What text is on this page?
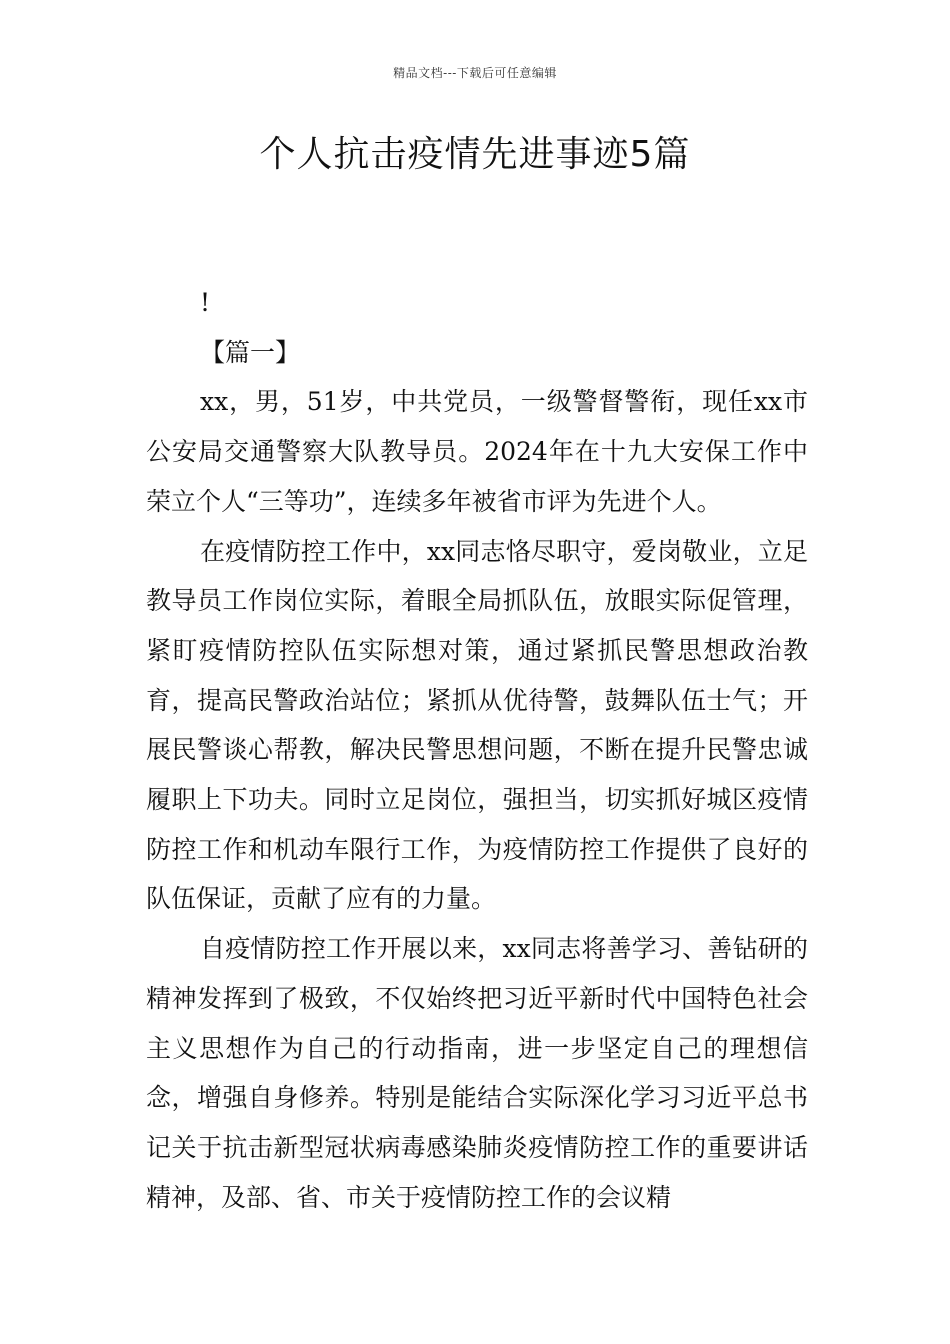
精品文档---下载后可任意编辑
个人抗击疫情先进事迹5篇

!

【篇一】

xx，男，51岁，中共党员，一级警督警衔，现任xx市公安局交通警察大队教导员。2024年在十九大安保工作中荣立个人“三等功”，连续多年被省市评为先进个人。

在疫情防控工作中，xx同志恪尽职守，爱岗敬业，立足教导员工作岗位实际，着眼全局抓队伍，放眼实际促管理，紧盯疫情防控队伍实际想对策，通过紧抓民警思想政治教育，提高民警政治站位；紧抓从优待警，鼓舞队伍士气；开展民警谈心帮教，解决民警思想问题，不断在提升民警忠诚履职上下功夫。同时立足岗位，强担当，切实抓好城区疫情防控工作和机动车限行工作，为疫情防控工作提供了良好的队伍保证，贡献了应有的力量。

自疫情防控工作开展以来，xx同志将善学习、善钻研的精神发挥到了极致，不仅始终把习近平新时代中国特色社会主义思想作为自己的行动指南，进一步坚定自己的理想信念，增强自身修养。特别是能结合实际深化学习习近平总书记关于抗击新型冠状病毒感染肺炎疫情防控工作的重要讲话精神，及部、省、市关于疫情防控工作的会议精
